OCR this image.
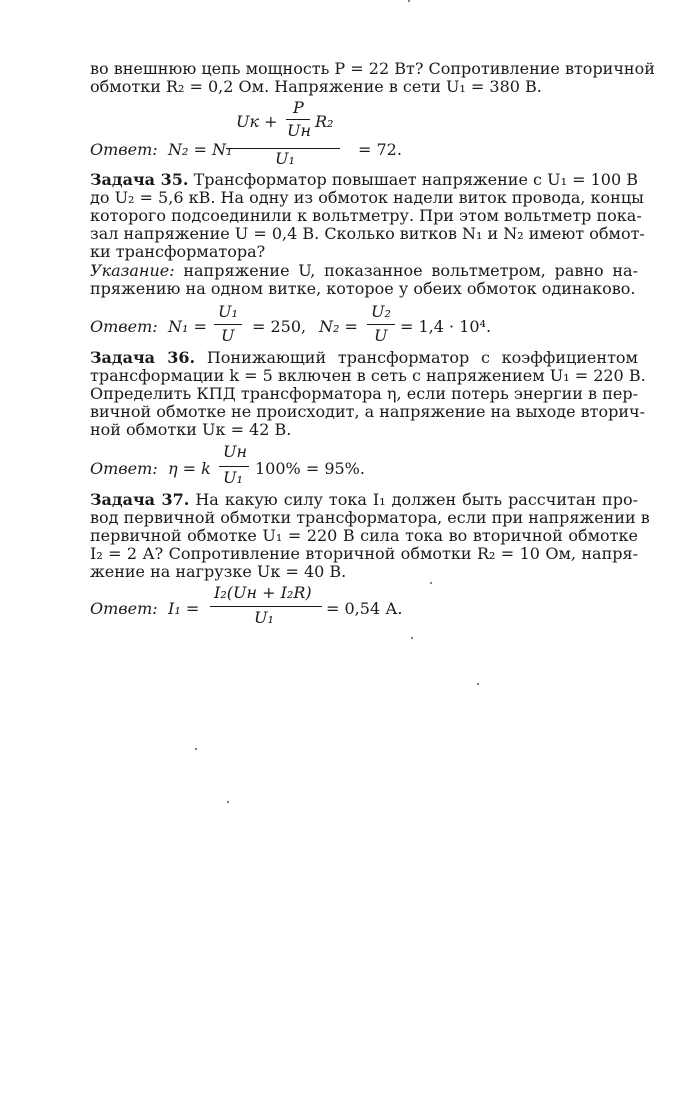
во внешнюю цепь мощность P = 22 Вт? Сопротивление вторичной
обмотки R₂ = 0,2 Ом. Напряжение в сети U₁ = 380 В.
Uк +
P
Uн R₂
Ответ: N₂ = N₁	U₁	= 72.
Задача 35. Трансформатор повышает напряжение с U₁ = 100 В
до U₂ = 5,6 кВ. На одну из обмоток надели виток провода, концы
которого подсоединили к вольтметру. При этом вольтметр пока-
зал напряжение U = 0,4 В. Сколько витков N₁ и N₂ имеют обмот-
ки трансформатора?
Указание: напряжение U, показанное вольтметром, равно на-
пряжению на одном витке, которое у обеих обмоток одинаково.
Ответ: N₁ =
U₁
U = 250, N₂ =
U₂
U = 1,4 · 10⁴.
Задача 36. Понижающий трансформатор с коэффициентом
трансформации k = 5 включен в сеть с напряжением U₁ = 220 В.
Определить КПД трансформатора η, если потерь энергии в пер-
вичной обмотке не происходит, а напряжение на выходе вторич-
ной обмотки Uк = 42 В.
Ответ: η = k
Uн
U₁ 100% = 95%.
Задача 37. На какую силу тока I₁ должен быть рассчитан про-
вод первичной обмотки трансформатора, если при напряжении в
первичной обмотке U₁ = 220 В сила тока во вторичной обмотке
I₂ = 2 А? Сопротивление вторичной обмотки R₂ = 10 Ом, напря-
жение на нагрузке Uк = 40 В.
Ответ: I₁ =
I₂(Uн + I₂R)
U₁	= 0,54 А.
